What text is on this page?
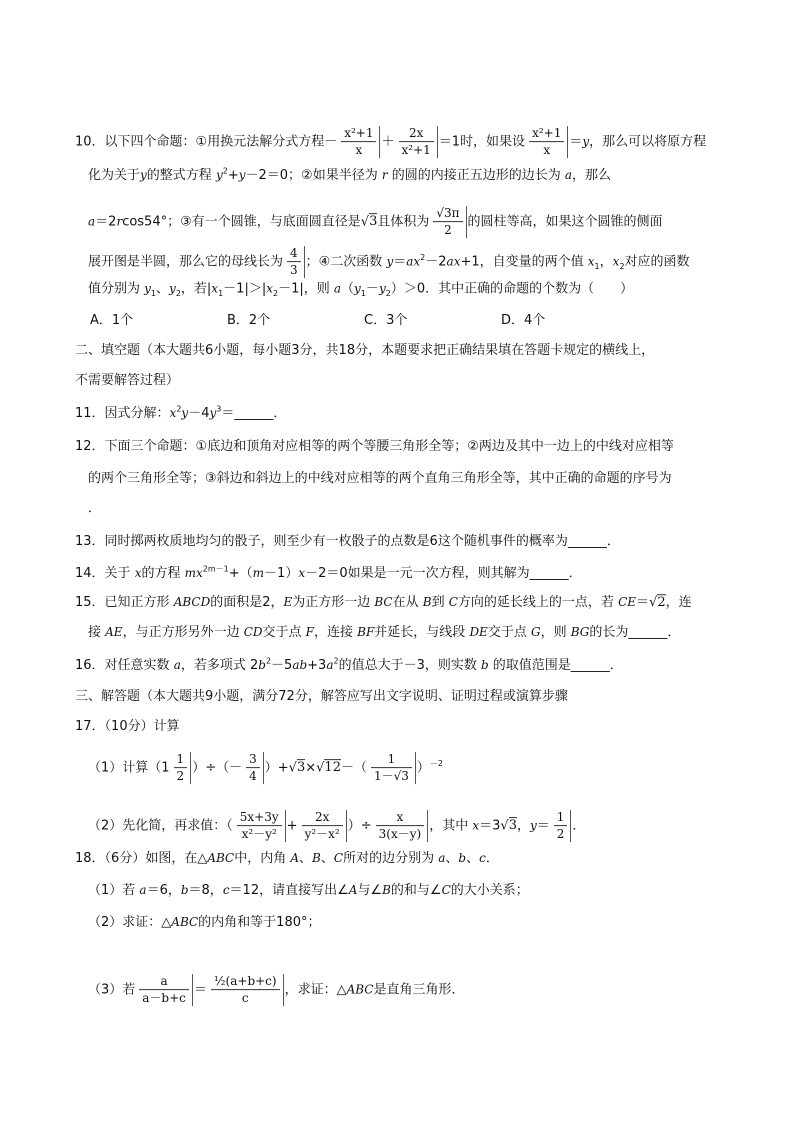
10．以下四个命题：①用换元法解分式方程－ $\frac{\text{x²+1}}{x} + \frac{2x}{\text{x²+1}} =1$时，如果设 $\frac{\text{x²+1}}{x} =y$，那么可以将原方程
化为关于y的整式方程 $y^2+y-2=0$；②如果半径为 r 的圆的内接正五边形的边长为 a，那么
a＝2rcos54°；③有一个圆锥，与底面圆直径是√3且体积为 $\frac{√3\pi}{2}$ 的圆柱等高，如果这个圆锥的侧面
展开图是半圆，那么它的母线长为 $\frac{4}{3}$ ；④二次函数 $y=ax^2-2ax+1$，自变量的两个值 $x_1$，$x_2$对应的函数
值分别为 $y_1$、$y_2$，若$|x_1-1|>|x_2-1|$，则 $a(y_1-y_2)>0$．其中正确的命题的个数为（　　）
A．1个	B．2个	C．3个	D．4个
二、填空题（本大题共6小题，每小题3分，共18分，本题要求把正确结果填在答题卡规定的横线上，
不需要解答过程）
11．因式分解：$x^2y-4y^3=\_\_\_\_\_\_$．
12．下面三个命题：①底边和顶角对应相等的两个等腰三角形全等；②两边及其中一边上的中线对应相等
的两个三角形全等；③斜边和斜边上的中线对应相等的两个直角三角形全等，其中正确的命题的序号为
．
13．同时掷两枚质地均匀的骰子，则至少有一枚骰子的点数是6这个随机事件的概率为______．
14．关于 x的方程 $mx^{2m-1}+(m-1)x-2=0$如果是一元一次方程，则其解为______．
15．已知正方形 ABCD的面积是2，E为正方形一边 BC在从 B到 C方向的延长线上的一点，若 CE＝√2，连
接 AE，与正方形另外一边 CD交于点 F，连接 BF并延长，与线段 DE交于点 G，则 BG的长为______．
16．对任意实数 a，若多项式 $2b^2-5ab+3a^2$的值总大于－3，则实数 b 的取值范围是______．
三、解答题（本大题共9小题，满分72分，解答应写出文字说明、证明过程或演算步骤
17．（10分）计算
（1）计算（$1 \frac{1}{2}$ ）÷（－ $\frac{3}{4} )+√3\times√12-( \frac{1}{1-√3} )^{-2}$
（2）先化简，再求值：（ $\frac{5x+3y}{\text{x²－y²}} + \frac{2x}{\text{y²－x²}}$ ）÷ $\frac{x}{3(x-y)}$ ，其中 x＝3√3，$y= \frac{1}{2}$ ．
18．（6分）如图，在△ABC中，内角 A、B、C所对的边分别为 a、b、c．
（1）若 a＝6，b＝8，c＝12，请直接写出∠A与∠B的和与∠C的大小关系；
（2）求证：△ABC的内角和等于180°；
（3）若 $\frac{a}{a-b+c} = \frac{\text{½(a+b+c)}}{c}$ ，求证：△ABC是直角三角形．
